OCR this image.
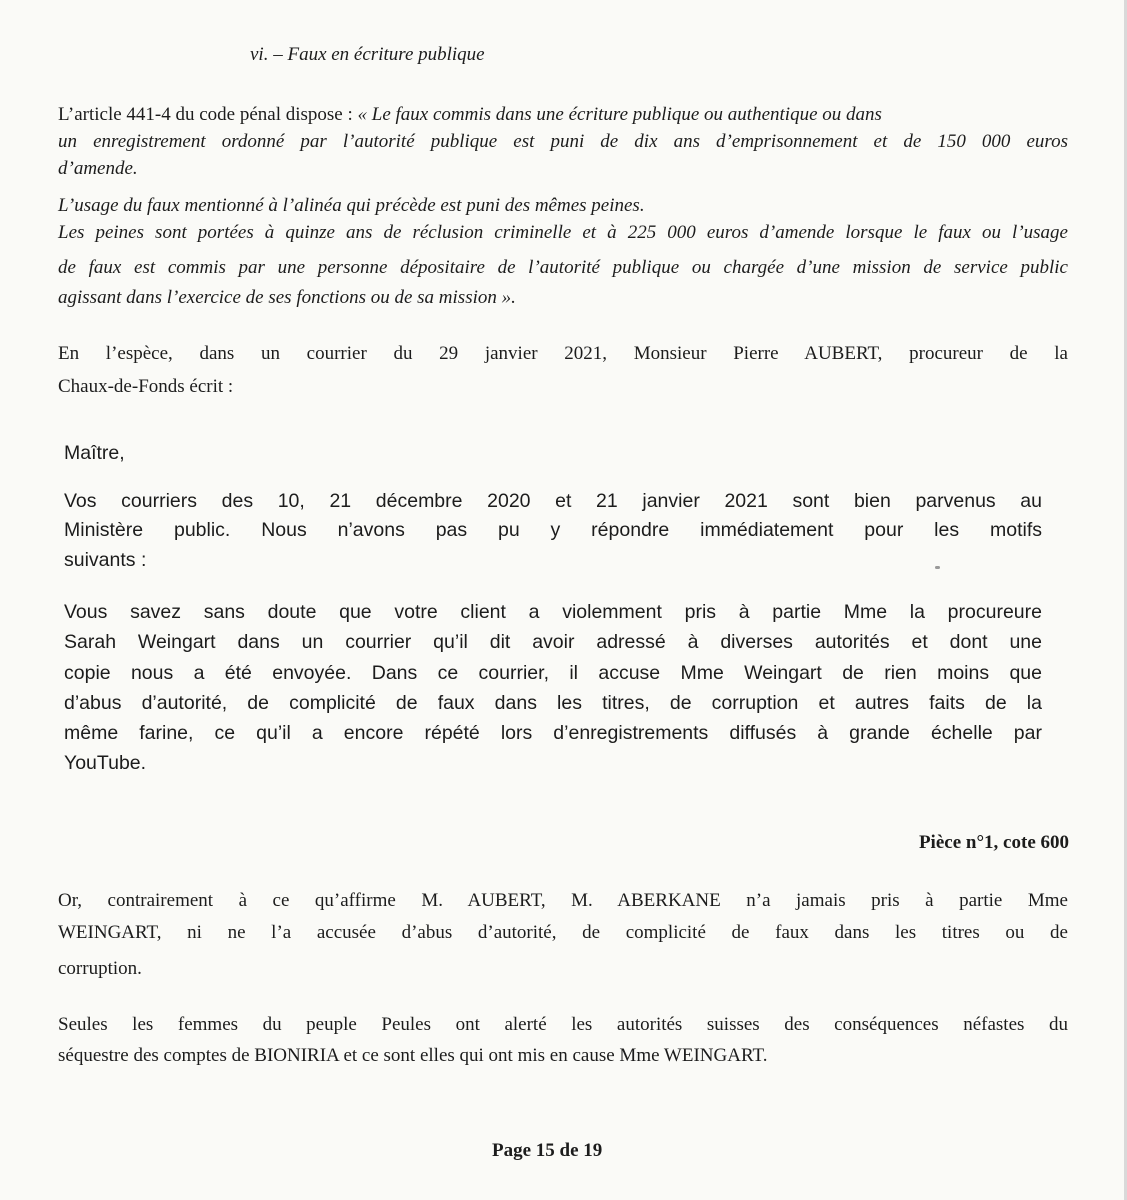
vi. – Faux en écriture publique
L’article 441-4 du code pénal dispose : « Le faux commis dans une écriture publique ou authentique ou dans
un enregistrement ordonné par l’autorité publique est puni de dix ans d’emprisonnement et de 150 000 euros
d’amende.
L’usage du faux mentionné à l’alinéa qui précède est puni des mêmes peines.
Les peines sont portées à quinze ans de réclusion criminelle et à 225 000 euros d’amende lorsque le faux ou l’usage
de faux est commis par une personne dépositaire de l’autorité publique ou chargée d’une mission de service public
agissant dans l’exercice de ses fonctions ou de sa mission ».
En l’espèce, dans un courrier du 29 janvier 2021, Monsieur Pierre AUBERT, procureur de la
Chaux-de-Fonds écrit :
Maître,
Vos courriers des 10, 21 décembre 2020 et 21 janvier 2021 sont bien parvenus au
Ministère public. Nous n’avons pas pu y répondre immédiatement pour les motifs
suivants :
Vous savez sans doute que votre client a violemment pris à partie Mme la procureure
Sarah Weingart dans un courrier qu’il dit avoir adressé à diverses autorités et dont une
copie nous a été envoyée. Dans ce courrier, il accuse Mme Weingart de rien moins que
d’abus d’autorité, de complicité de faux dans les titres, de corruption et autres faits de la
même farine, ce qu’il a encore répété lors d’enregistrements diffusés à grande échelle par
YouTube.
Pièce n°1, cote 600
Or, contrairement à ce qu’affirme M. AUBERT, M. ABERKANE n’a jamais pris à partie Mme
WEINGART, ni ne l’a accusée d’abus d’autorité, de complicité de faux dans les titres ou de
corruption.
Seules les femmes du peuple Peules ont alerté les autorités suisses des conséquences néfastes du
séquestre des comptes de BIONIRIA et ce sont elles qui ont mis en cause Mme WEINGART.
Page 15 de 19
